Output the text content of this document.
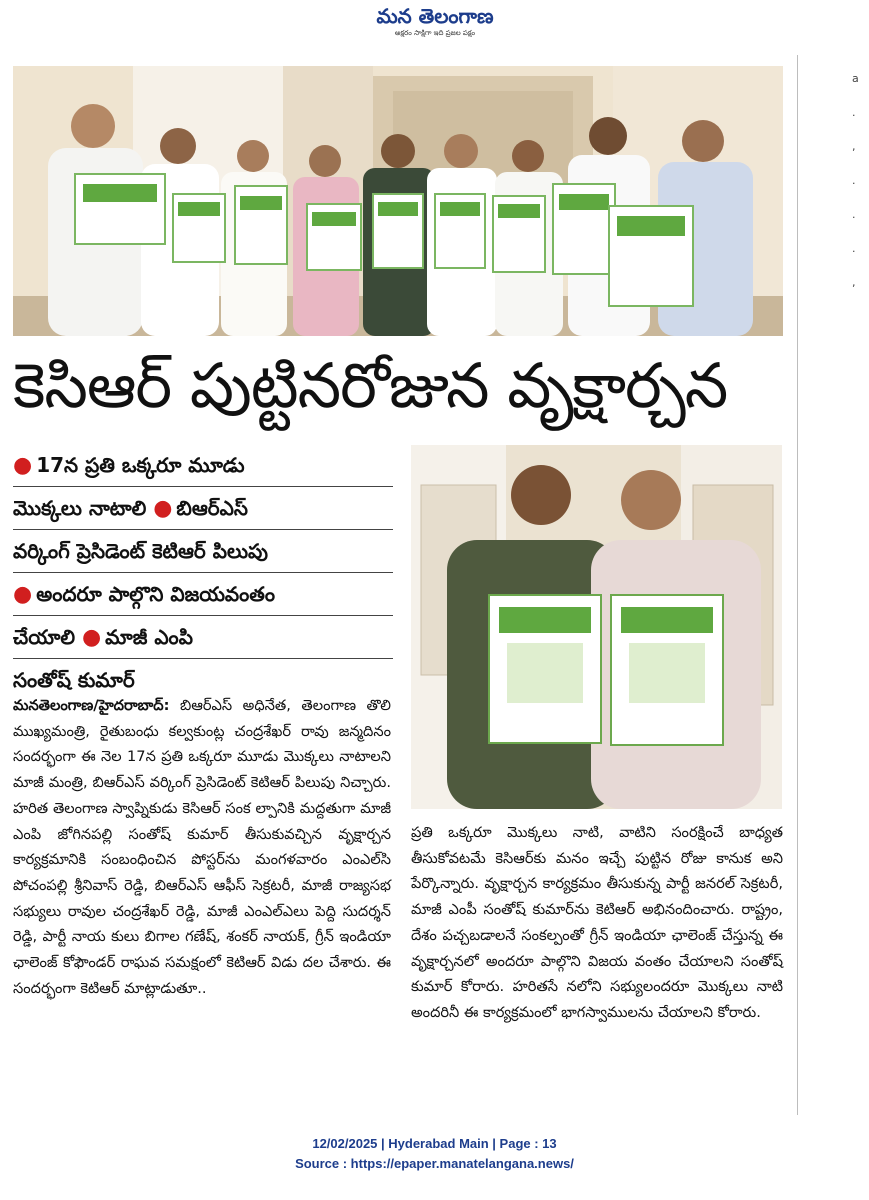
మన తెలంగాణ
అక్షరం సాక్షిగా ఇది ప్రజల పక్షం
a
.
,
.
.
.
,
కెసిఆర్ పుట్టినరోజున వృక్షార్చన
● 17న ప్రతి ఒక్కరూ మూడు
మొక్కలు నాటాలి ● బిఆర్ఎస్
వర్కింగ్ ప్రెసిడెంట్ కెటిఆర్ పిలుపు
● అందరూ పాల్గొని విజయవంతం
చేయాలి ● మాజీ ఎంపి
సంతోష్ కుమార్
మనతెలంగాణ/హైదరాబాద్: బిఆర్ఎస్ అధినేత, తెలంగాణ తొలి ముఖ్యమంత్రి, రైతుబంధు కల్వకుంట్ల చంద్రశేఖర్ రావు జన్మదినం సందర్భంగా ఈ నెల 17న ప్రతి ఒక్కరూ మూడు మొక్కలు నాటాలని మాజీ మంత్రి, బిఆర్ఎస్ వర్కింగ్ ప్రెసిడెంట్ కెటిఆర్ పిలుపు నిచ్చారు. హరిత తెలంగాణ స్వాప్నికుడు కెసిఆర్ సంక ల్పానికి మద్దతుగా మాజీ ఎంపి జోగినపల్లి సంతోష్ కుమార్ తీసుకువచ్చిన వృక్షార్చన కార్యక్రమానికి సంబంధించిన పోస్టర్‌ను మంగళవారం ఎంఎల్‌సి పోచంపల్లి శ్రీనివాస్ రెడ్డి, బిఆర్ఎస్ ఆఫీస్ సెక్రటరీ, మాజీ రాజ్యసభ సభ్యులు రావుల చంద్రశేఖర్ రెడ్డి, మాజీ ఎంఎల్‌ఎలు పెద్ది సుదర్శన్ రెడ్డి, పార్టీ నాయ కులు బిగాల గణేష్, శంకర్ నాయక్, గ్రీన్ ఇండియా ఛాలెంజ్ కోఫౌండర్ రాఘవ సమక్షంలో కెటిఆర్ విడు దల చేశారు. ఈ సందర్భంగా కెటిఆర్ మాట్లాడుతూ..
ప్రతి ఒక్కరూ మొక్కలు నాటి, వాటిని సంరక్షించే బాధ్యత తీసుకోవటమే కెసిఆర్‌కు మనం ఇచ్చే పుట్టిన రోజు కానుక అని పేర్కొన్నారు. వృక్షార్చన కార్యక్రమం తీసుకున్న పార్టీ జనరల్ సెక్రటరీ, మాజీ ఎంపీ సంతోష్ కుమార్‌ను కెటిఆర్ అభినందించారు. రాష్ట్రం, దేశం పచ్చబడాలనే సంకల్పంతో గ్రీన్ ఇండియా ఛాలెంజ్ చేస్తున్న ఈ వృక్షార్చనలో అందరూ పాల్గొని విజయ వంతం చేయాలని సంతోష్ కుమార్ కోరారు. హరితసే నలోని సభ్యులందరూ మొక్కలు నాటి అందరినీ ఈ కార్యక్రమంలో భాగస్వాములను చేయాలని కోరారు.
12/02/2025 | Hyderabad Main | Page : 13
Source : https://epaper.manatelangana.news/
